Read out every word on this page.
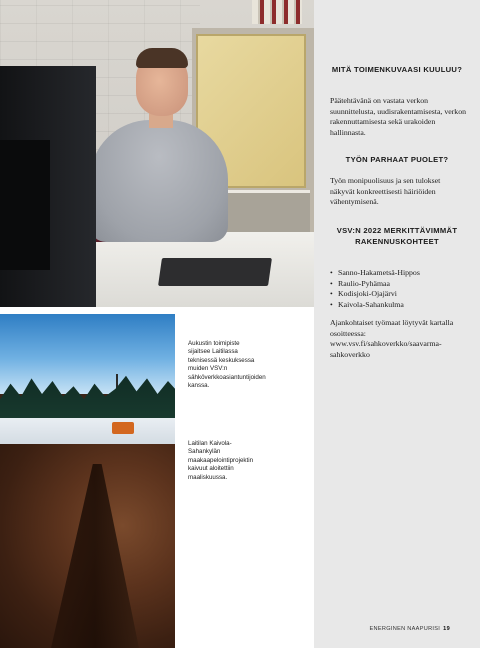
MITÄ TOIMENKUVAASI KUULUU?

Päätehtävänä on vastata verkon suunnittelusta, uudisrakentamisesta, verkon rakennuttamisesta sekä urakoiden hallinnasta.

TYÖN PARHAAT PUOLET?

Työn monipuolisuus ja sen tulokset näkyvät konkreettisesti häiriöiden vähentymisenä.

VSV:N 2022 MERKITTÄVIMMÄT RAKENNUSKOHTEET
• Sanno-Hakametsä-Hippos
• Raulio-Pyhämaa
• Kodisjoki-Ojajärvi
• Kaivola-Sahankulma

Ajankohtaiset työmaat löytyvät kartalla osoitteessa: www.vsv.fi/sahkoverkko/saavarma-sahkoverkko

Aukustin toimipiste sijaitsee Laitilassa teknisessä keskuksessa muiden VSV:n sähköverkkoasiantuntijoiden kanssa.

Laitilan Kaivola-Sahankylän maakaapelointiprojektin kaivuut aloitettiin maaliskuussa.

ENERGINEN NAAPURISI 19
